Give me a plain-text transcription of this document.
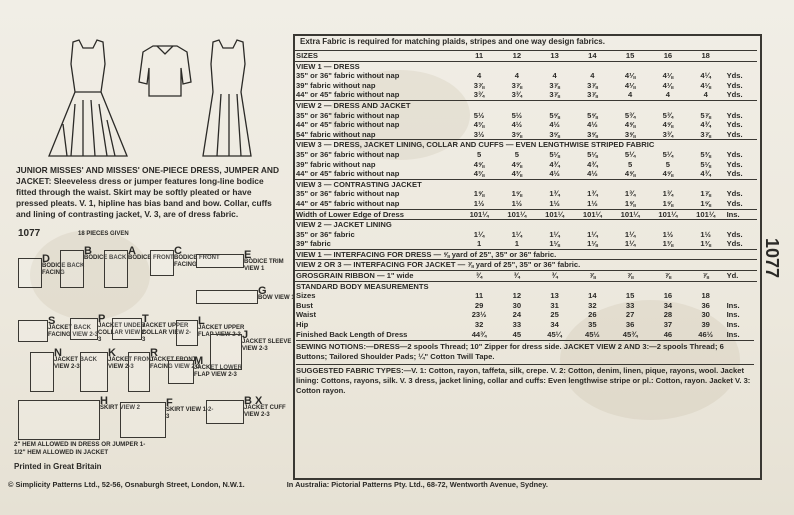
JUNIOR MISSES' AND MISSES' ONE-PIECE DRESS, JUMPER AND JACKET: Sleeveless dress or jumper features long-line bodice fitted through the waist. Skirt may be softly pleated or have pressed pleats. V. 1, hipline has bias band and bow. Collar, cuffs and lining of contrasting jacket, V. 3, are of dress fabric.
1077	18 PIECES GIVEN
D
BODICE BACK FACING
B
BODICE BACK
A
BODICE FRONT
C
BODICE FRONT FACING
E
BODICE TRIM VIEW 1
G
BOW VIEW 1
S
JACKET BACK FACING VIEW 2-3
P
JACKET UNDER COLLAR VIEW 2-3
T
JACKET UPPER COLLAR VIEW 2-3
L
JACKET UPPER FLAP VIEW 2-3
N
JACKET BACK VIEW 2-3
K
JACKET FRONT VIEW 2-3
R
JACKET FRONT FACING VIEW 2-3
M
JACKET LOWER FLAP VIEW 2-3
J
JACKET SLEEVE VIEW 2-3
H
SKIRT VIEW 2	F
SKIRT VIEW 1-2-3
B X
JACKET CUFF VIEW 2-3
2" HEM ALLOWED IN DRESS OR JUMPER 1-1/2" HEM ALLOWED IN JACKET
Printed in Great Britain
© Simplicity Patterns Ltd., 52-56, Osnaburgh Street, London, N.W.1.	In Australia: Pictorial Patterns Pty. Ltd., 68-72, Wentworth Avenue, Sydney.
1077
Extra Fabric is required for matching plaids, stripes and one way design fabrics.
SIZES	11	12	13	14	15	16	18	
VIEW 1 — DRESS								
35" or 36" fabric without nap	4	4	4	4	4⅛	4⅛	4¼	Yds.
39" fabric without nap	3⅞	3⅞	3⅞	3⅞	4⅛	4⅛	4⅛	Yds.
44" or 45" fabric without nap	3¾	3¾	3⅞	3⅞	4	4	4	Yds.
VIEW 2 — DRESS AND JACKET								
35" or 36" fabric without nap	5½	5½	5⅝	5⅝	5¾	5¾	5⅞	Yds.
44" or 45" fabric without nap	4⅜	4½	4½	4½	4⅝	4⅝	4¾	Yds.
54" fabric without nap	3½	3⅝	3⅝	3⅝	3⅝	3¾	3⅞	Yds.
VIEW 3 — DRESS, JACKET LINING, COLLAR AND CUFFS — EVEN LENGTHWISE STRIPED FABRIC								
35" or 36" fabric without nap	5	5	5⅛	5⅛	5¼	5¼	5⅜	Yds.
39" fabric without nap	4⅝	4⅝	4¾	4¾	5	5	5⅛	Yds.
44" or 45" fabric without nap	4⅜	4⅜	4½	4½	4⅝	4⅝	4¾	Yds.
VIEW 3 — CONTRASTING JACKET								
35" or 36" fabric without nap	1⅝	1⅝	1¾	1¾	1¾	1¾	1⅞	Yds.
44" or 45" fabric without nap	1½	1½	1½	1½	1⅝	1⅝	1⅝	Yds.
Width of Lower Edge of Dress	101¼	101¼	101¼	101¼	101¼	101¼	101¼	Ins.
VIEW 2 — JACKET LINING								
35" or 36" fabric	1¼	1¼	1¼	1¼	1¼	1½	1½	Yds.
39" fabric	1	1	1⅛	1⅛	1¼	1⅜	1⅜	Yds.
VIEW 1 — INTERFACING FOR DRESS — ⅝ yard of 25", 35" or 36" fabric.								
VIEW 2 OR 3 — INTERFACING FOR JACKET — ⅞ yard of 25", 35" or 36" fabric.								
GROSGRAIN RIBBON — 1" wide	¾	¾	¾	⅞	⅞	⅞	⅞	Yd.
STANDARD BODY MEASUREMENTS								
Sizes	11	12	13	14	15	16	18	
Bust	29	30	31	32	33	34	36	Ins.
Waist	23½	24	25	26	27	28	30	Ins.
Hip	32	33	34	35	36	37	39	Ins.
Finished Back Length of Dress	44¾	45	45¼	45½	45¾	46	46½	Ins.
SEWING NOTIONS:—DRESS—2 spools Thread; 10" Zipper for dress side. JACKET VIEW 2 AND 3:—2 spools Thread; 6 Buttons; Tailored Shoulder Pads; ¼" Cotton Twill Tape.
SUGGESTED FABRIC TYPES:—V. 1: Cotton, rayon, taffeta, silk, crepe. V. 2: Cotton, denim, linen, pique, rayons, wool. Jacket lining: Cottons, rayons, silk. V. 3 dress, jacket lining, collar and cuffs: Even lengthwise stripe or pl.: Cotton, rayon. Jacket V. 3: Cotton rayon.
